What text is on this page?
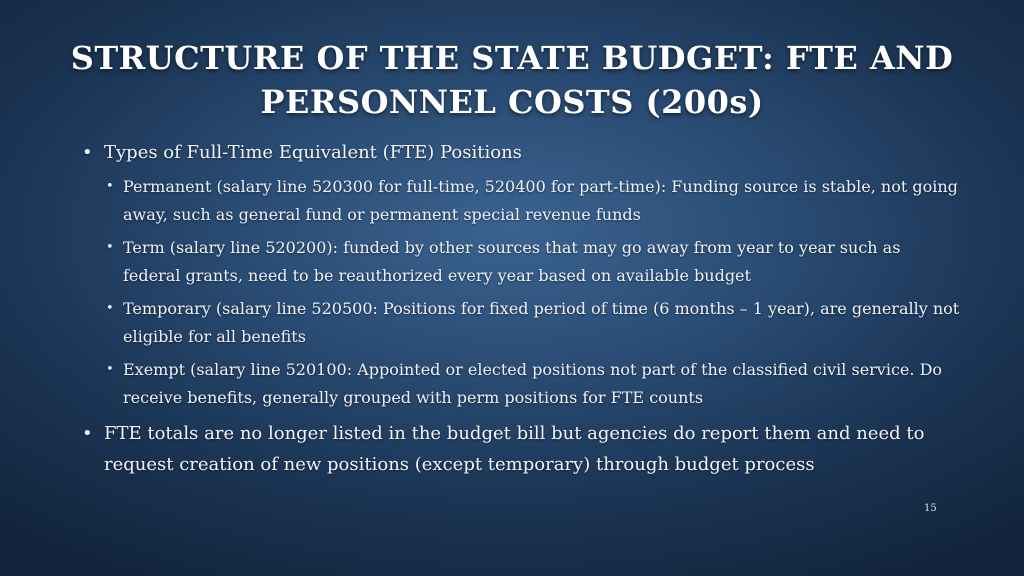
STRUCTURE OF THE STATE BUDGET: FTE AND PERSONNEL COSTS (200s)
• Types of Full-Time Equivalent (FTE) Positions
• Permanent (salary line 520300 for full-time, 520400 for part-time): Funding source is stable, not going away, such as general fund or permanent special revenue funds
• Term (salary line 520200): funded by other sources that may go away from year to year such as federal grants, need to be reauthorized every year based on available budget
• Temporary (salary line 520500: Positions for fixed period of time (6 months – 1 year), are generally not eligible for all benefits
• Exempt (salary line 520100: Appointed or elected positions not part of the classified civil service. Do receive benefits, generally grouped with perm positions for FTE counts
• FTE totals are no longer listed in the budget bill but agencies do report them and need to request creation of new positions (except temporary) through budget process
15
